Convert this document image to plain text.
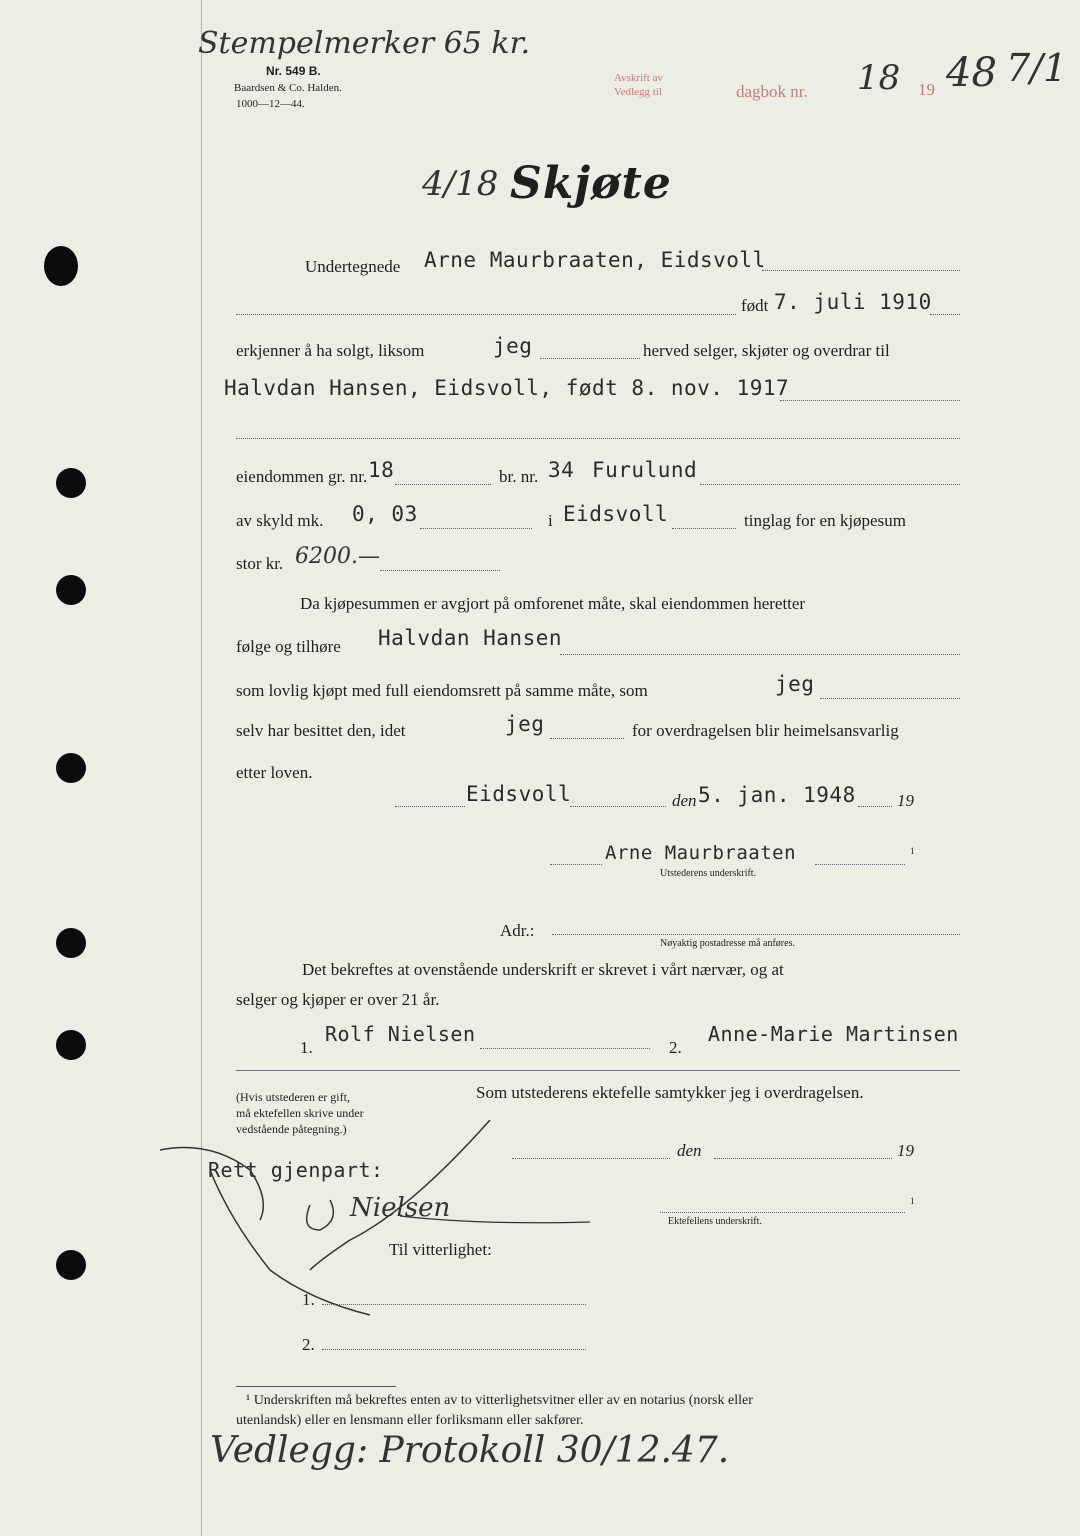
Stempelmerker 65 kr.
Nr. 549 B.
Baardsen & Co. Halden.
1000—12—44.
Avskrift av
Vedlegg til	dagbok nr. 18 19 48 7/1
4/18 Skjøte
Undertegnede Arne Maurbraaten, Eidsvoll
født 7. juli 1910
erkjenner å ha solgt, liksom	jeg	herved selger, skjøter og overdrar til
Halvdan Hansen, Eidsvoll, født 8. nov. 1917
eiendommen gr. nr. 18	br. nr. 34 Furulund
av skyld mk. 0, 03	i Eidsvoll	tinglag for en kjøpesum
stor kr. 6200.—
Da kjøpesummen er avgjort på omforenet måte, skal eiendommen heretter
følge og tilhøre Halvdan Hansen
som lovlig kjøpt med full eiendomsrett på samme måte, som	jeg
selv har besittet den, idet	jeg	for overdragelsen blir heimelsansvarlig
etter loven.
Eidsvoll	den 5. jan. 1948 19
Arne Maurbraaten	1
Utstederens underskrift.
Adr.:
Nøyaktig postadresse må anføres.
Det bekreftes at ovenstående underskrift er skrevet i vårt nærvær, og at
selger og kjøper er over 21 år.
1.
Rolf Nielsen
2.
Anne-Marie Martinsen
(Hvis utstederen er gift,
må ektefellen skrive under
vedstående påtegning.)
Som utstederens ektefelle samtykker jeg i overdragelsen.
den	19
Rett gjenpart:
1
Ektefellens underskrift.
Nielsen
Til vitterlighet:
1.
2.
¹ Underskriften må bekreftes enten av to vitterlighetsvitner eller av en notarius (norsk eller
utenlandsk) eller en lensmann eller forliksmann eller sakfører.
Vedlegg: Protokoll 30/12.47.
